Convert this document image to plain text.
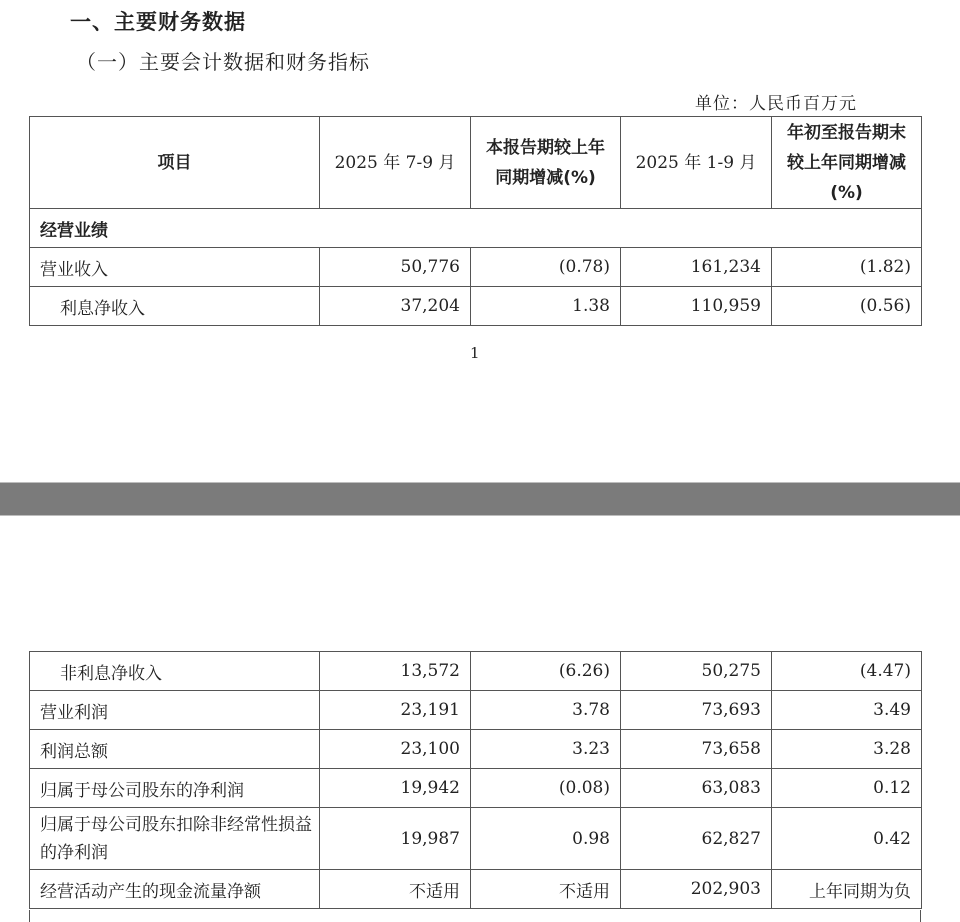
一、主要财务数据
（一）主要会计数据和财务指标
单位：人民币百万元
项目	2025 年 7-9 月	本报告期较上年同期增减(%)	2025 年 1-9 月	年初至报告期末较上年同期增减(%)
经营业绩				
营业收入	50,776	(0.78)	161,234	(1.82)
利息净收入	37,204	1.38	110,959	(0.56)
1
非利息净收入	13,572	(6.26)	50,275	(4.47)
营业利润	23,191	3.78	73,693	3.49
利润总额	23,100	3.23	73,658	3.28
归属于母公司股东的净利润	19,942	(0.08)	63,083	0.12
归属于母公司股东扣除非经常性损益的净利润	19,987	0.98	62,827	0.42
经营活动产生的现金流量净额	不适用	不适用	202,903	上年同期为负
